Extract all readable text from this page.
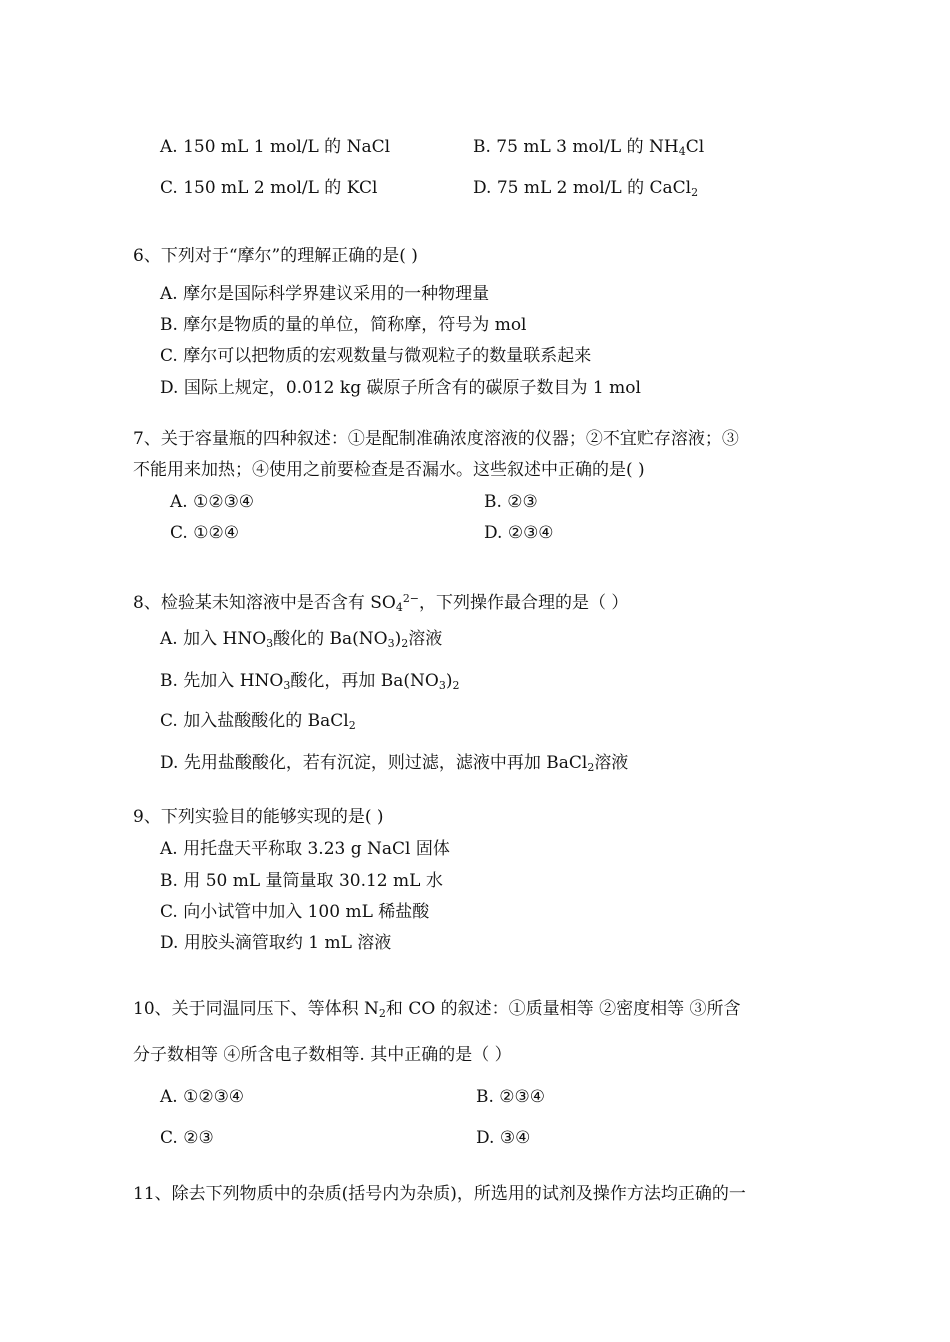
A. 150 mL 1 mol/L 的 NaCl	B. 75 mL 3 mol/L 的 $NH_4Cl$
C. 150 mL 2 mol/L 的 KCl	D. 75 mL 2 mol/L 的 CaCl$_2$
6、下列对于“摩尔”的理解正确的是( )
A. 摩尔是国际科学界建议采用的一种物理量
B. 摩尔是物质的量的单位，简称摩，符号为 mol
C. 摩尔可以把物质的宏观数量与微观粒子的数量联系起来
D. 国际上规定，0.012 kg 碳原子所含有的碳原子数目为 1 mol
7、关于容量瓶的四种叙述：①是配制准确浓度溶液的仪器；②不宜贮存溶液；③
不能用来加热；④使用之前要检查是否漏水。这些叙述中正确的是( )
A. ①②③④	B. ②③
C. ①②④	D. ②③④
8、检验某未知溶液中是否含有 $SO_4^{2-}$，下列操作最合理的是（ ）
A. 加入 $HNO_3$酸化的 $Ba(NO_3)_2$溶液
B. 先加入 $HNO_3$酸化，再加 $Ba(NO_3)_2$
C. 加入盐酸酸化的 BaCl$_2$
D. 先用盐酸酸化，若有沉淀，则过滤，滤液中再加 BaCl$_2$溶液
9、下列实验目的能够实现的是( )
A. 用托盘天平称取 3.23 g NaCl 固体
B. 用 50 mL 量筒量取 30.12 mL 水
C. 向小试管中加入 100 mL 稀盐酸
D. 用胶头滴管取约 1 mL 溶液
10、关于同温同压下、等体积 $N_2$和 CO 的叙述：①质量相等 ②密度相等 ③所含
分子数相等 ④所含电子数相等. 其中正确的是（ ）
A. ①②③④	B. ②③④
C. ②③	D. ③④
11、除去下列物质中的杂质(括号内为杂质)，所选用的试剂及操作方法均正确的一
